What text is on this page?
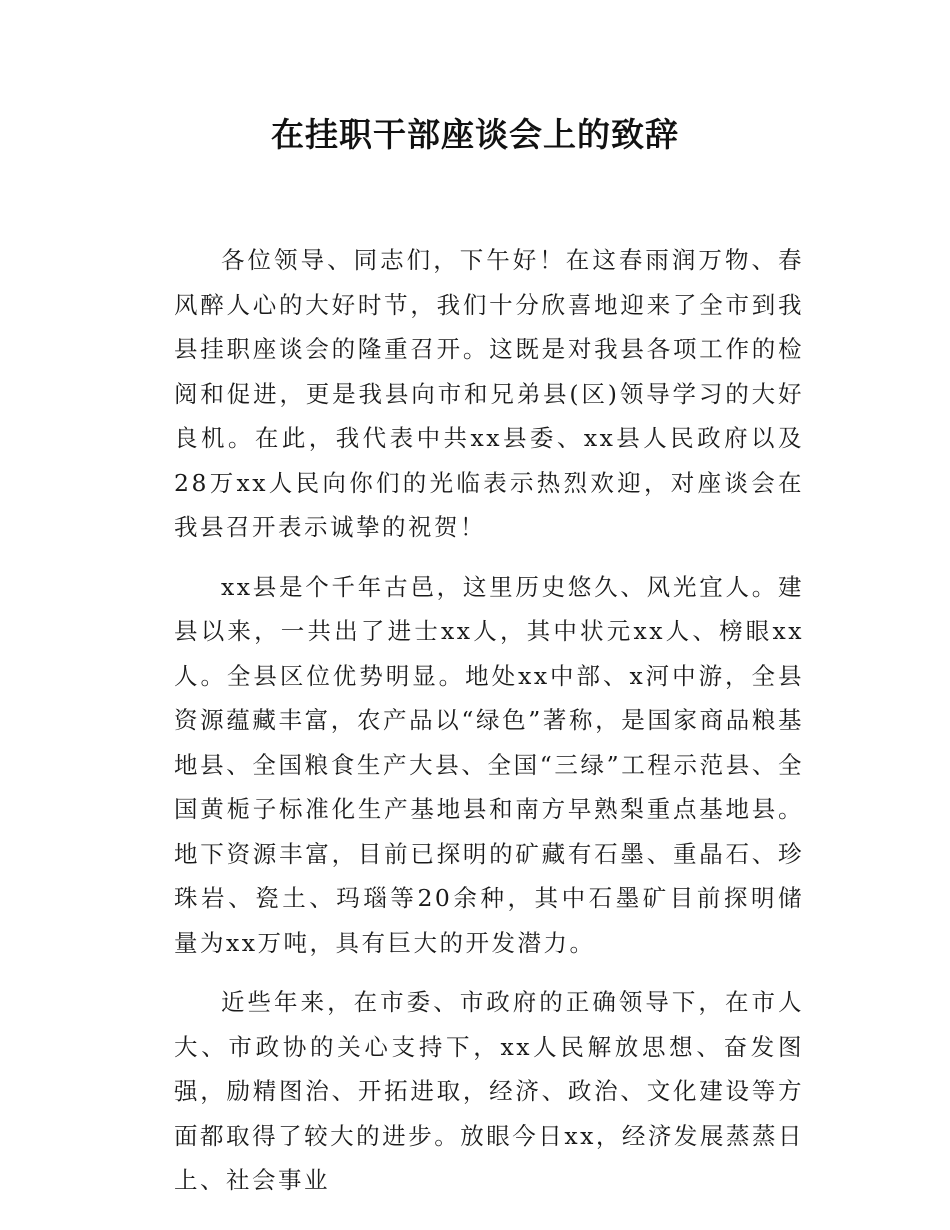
在挂职干部座谈会上的致辞

各位领导、同志们，下午好！在这春雨润万物、春风醉人心的大好时节，我们十分欣喜地迎来了全市到我县挂职座谈会的隆重召开。这既是对我县各项工作的检阅和促进，更是我县向市和兄弟县(区)领导学习的大好良机。在此，我代表中共xx县委、xx县人民政府以及28万xx人民向你们的光临表示热烈欢迎，对座谈会在我县召开表示诚挚的祝贺！

xx县是个千年古邑，这里历史悠久、风光宜人。建县以来，一共出了进士xx人，其中状元xx人、榜眼xx人。全县区位优势明显。地处xx中部、x河中游，全县资源蕴藏丰富，农产品以“绿色”著称，是国家商品粮基地县、全国粮食生产大县、全国“三绿”工程示范县、全国黄栀子标准化生产基地县和南方早熟梨重点基地县。地下资源丰富，目前已探明的矿藏有石墨、重晶石、珍珠岩、瓷土、玛瑙等20余种，其中石墨矿目前探明储量为xx万吨，具有巨大的开发潜力。

近些年来，在市委、市政府的正确领导下，在市人大、市政协的关心支持下，xx人民解放思想、奋发图强，励精图治、开拓进取，经济、政治、文化建设等方面都取得了较大的进步。放眼今日xx，经济发展蒸蒸日上、社会事业
